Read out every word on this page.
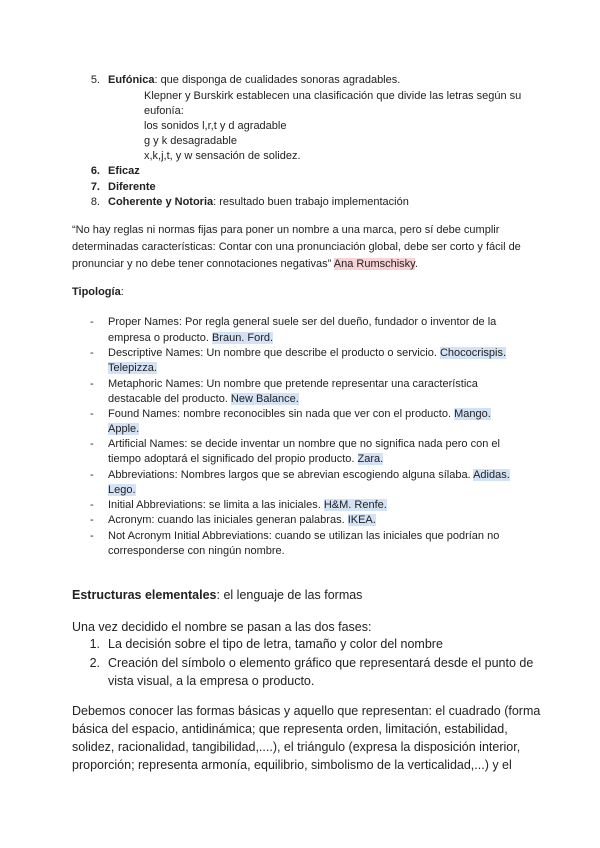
5. Eufónica: que disponga de cualidades sonoras agradables.
Klepner y Burskirk establecen una clasificación que divide las letras según su
eufonía:
los sonidos l,r,t y d agradable
g y k desagradable
x,k,j,t, y w sensación de solidez.
6. Eficaz
7. Diferente
8. Coherente y Notoria: resultado buen trabajo implementación
“No hay reglas ni normas fijas para poner un nombre a una marca, pero sí debe cumplir
determinadas características: Contar con una pronunciación global, debe ser corto y fácil de
pronunciar y no debe tener connotaciones negativas” Ana Rumschisky.
Tipología:
- Proper Names: Por regla general suele ser del dueño, fundador o inventor de la
empresa o producto. Braun. Ford.
- Descriptive Names: Un nombre que describe el producto o servicio. Chococrispis.
Telepizza.
- Metaphoric Names: Un nombre que pretende representar una característica
destacable del producto. New Balance.
- Found Names: nombre reconocibles sin nada que ver con el producto. Mango.
Apple.
- Artificial Names: se decide inventar un nombre que no significa nada pero con el
tiempo adoptará el significado del propio producto. Zara.
- Abbreviations: Nombres largos que se abrevian escogiendo alguna sílaba. Adidas.
Lego.
- Initial Abbreviations: se limita a las iniciales. H&M. Renfe.
- Acronym: cuando las iniciales generan palabras. IKEA.
- Not Acronym Initial Abbreviations: cuando se utilizan las iniciales que podrían no
corresponderse con ningún nombre.
Estructuras elementales: el lenguaje de las formas
Una vez decidido el nombre se pasan a las dos fases:
1. La decisión sobre el tipo de letra, tamaño y color del nombre
2. Creación del símbolo o elemento gráfico que representará desde el punto de
vista visual, a la empresa o producto.
Debemos conocer las formas básicas y aquello que representan: el cuadrado (forma
básica del espacio, antidinámica; que representa orden, limitación, estabilidad,
solidez, racionalidad, tangibilidad,....), el triángulo (expresa la disposición interior,
proporción; representa armonía, equilibrio, simbolismo de la verticalidad,...) y el
